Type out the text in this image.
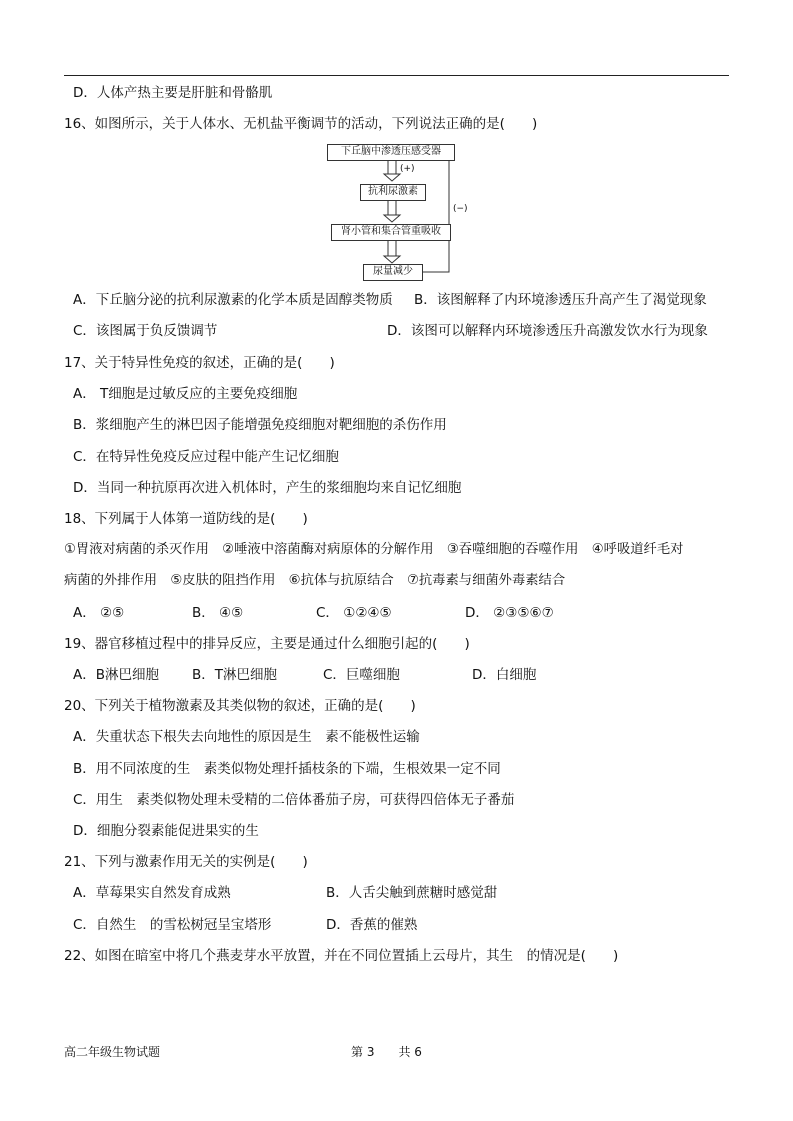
D．人体产热主要是肝脏和骨骼肌
16、如图所示，关于人体水、无机盐平衡调节的活动，下列说法正确的是(　　)
下丘脑中渗透压感受器
(+)
抗利尿激素
肾小管和集合管重吸收
(−)
尿量减少
A．下丘脑分泌的抗利尿激素的化学本质是固醇类物质 B．该图解释了内环境渗透压升高产生了渴觉现象
C．该图属于负反馈调节	D．该图可以解释内环境渗透压升高激发饮水行为现象
17、关于特异性免疫的叙述，正确的是(　　)
A． T细胞是过敏反应的主要免疫细胞
B．浆细胞产生的淋巴因子能增强免疫细胞对靶细胞的杀伤作用
C．在特异性免疫反应过程中能产生记忆细胞
D．当同一种抗原再次进入机体时，产生的浆细胞均来自记忆细胞
18、下列属于人体第一道防线的是(　　)
①胃液对病菌的杀灭作用　②唾液中溶菌酶对病原体的分解作用　③吞噬细胞的吞噬作用　④呼吸道纤毛对
病菌的外排作用　⑤皮肤的阻挡作用　⑥抗体与抗原结合　⑦抗毒素与细菌外毒素结合
A． ②⑤	B． ④⑤	C． ①②④⑤	D． ②③⑤⑥⑦
19、器官移植过程中的排异反应，主要是通过什么细胞引起的(　　)
A．B淋巴细胞 B．T淋巴细胞	C．巨噬细胞	D．白细胞
20、下列关于植物激素及其类似物的叙述，正确的是(　　)
A．失重状态下根失去向地性的原因是生　素不能极性运输
B．用不同浓度的生　素类似物处理扦插枝条的下端，生根效果一定不同
C．用生　素类似物处理未受精的二倍体番茄子房，可获得四倍体无子番茄
D．细胞分裂素能促进果实的生
21、下列与激素作用无关的实例是(　　)
A．草莓果实自然发育成熟	B．人舌尖触到蔗糖时感觉甜
C．自然生　的雪松树冠呈宝塔形	D．香蕉的催熟
22、如图在暗室中将几个燕麦芽水平放置，并在不同位置插上云母片，其生　的情况是(　　)
高二年级生物试题	第 3　　共 6
